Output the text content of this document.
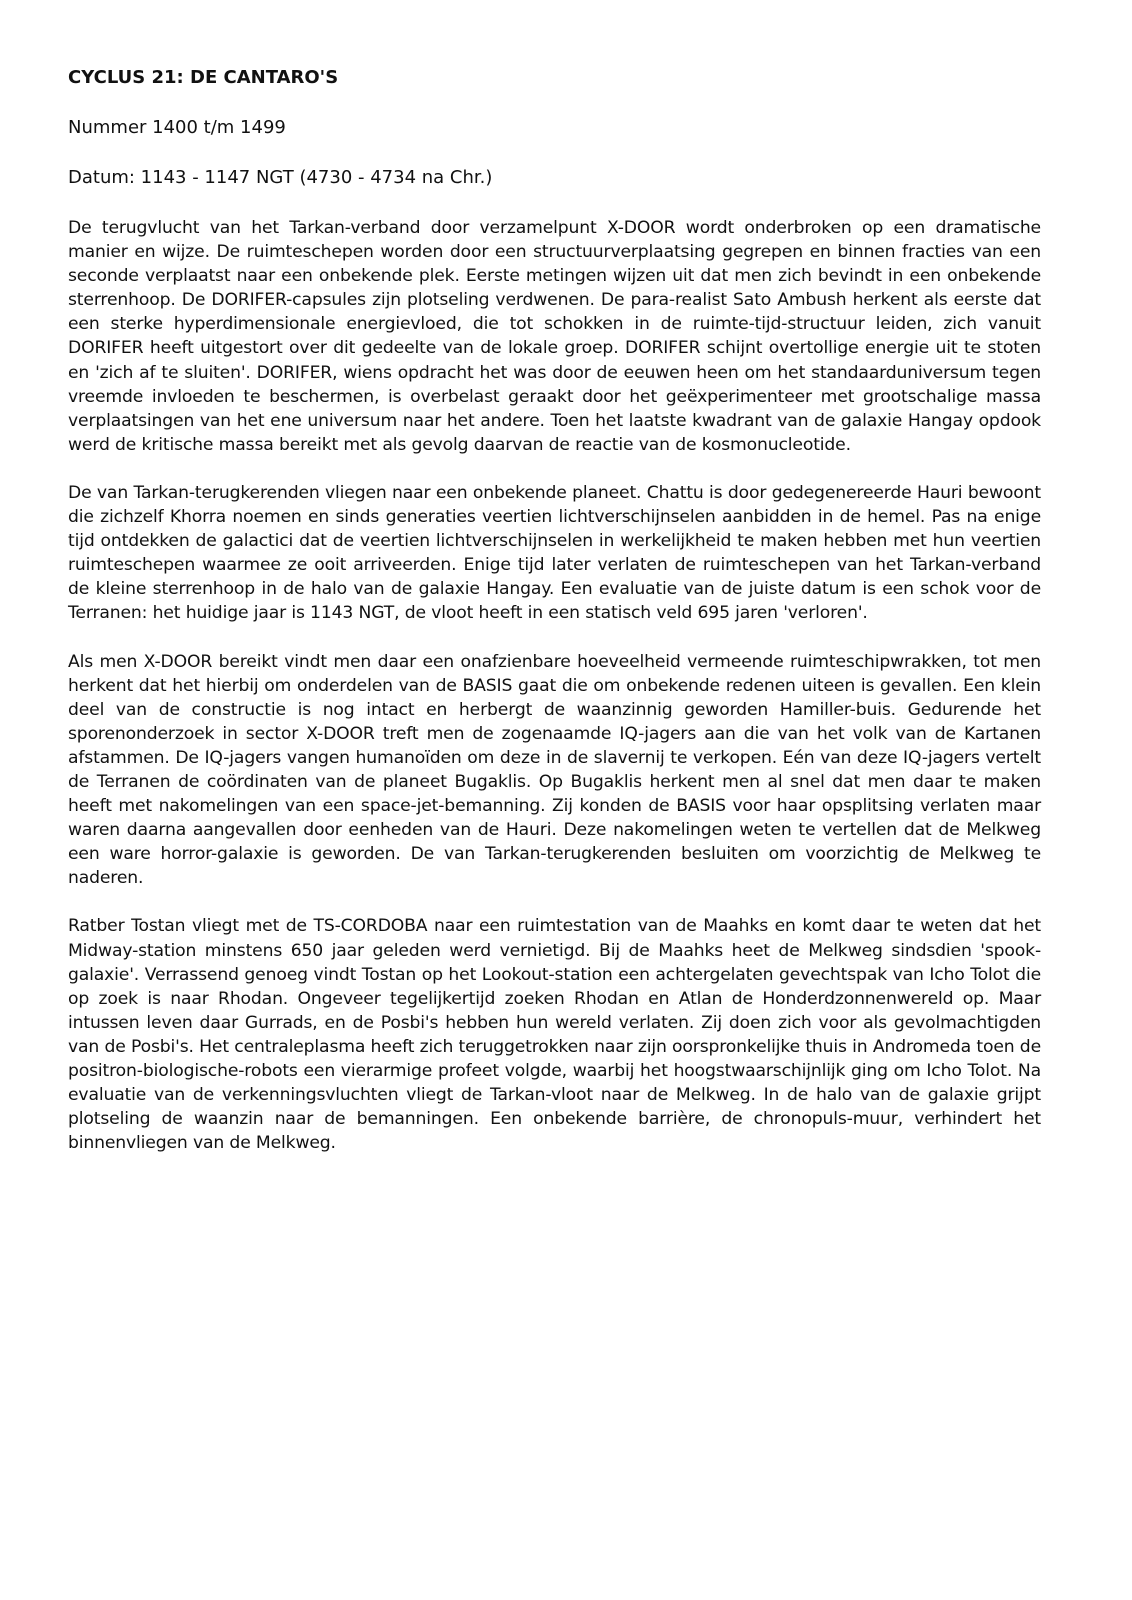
CYCLUS 21: DE CANTARO'S

Nummer 1400 t/m 1499

Datum: 1143 - 1147 NGT (4730 - 4734 na Chr.)

De terugvlucht van het Tarkan-verband door verzamelpunt X-DOOR wordt onderbroken op een dramatische manier en wijze. De ruimteschepen worden door een structuurverplaatsing gegrepen en binnen fracties van een seconde verplaatst naar een onbekende plek. Eerste metingen wijzen uit dat men zich bevindt in een onbekende sterrenhoop. De DORIFER-capsules zijn plotseling verdwenen. De para-realist Sato Ambush herkent als eerste dat een sterke hyperdimensionale energievloed, die tot schokken in de ruimte-tijd-structuur leiden, zich vanuit DORIFER heeft uitgestort over dit gedeelte van de lokale groep. DORIFER schijnt overtollige energie uit te stoten en 'zich af te sluiten'. DORIFER, wiens opdracht het was door de eeuwen heen om het standaarduniversum tegen vreemde invloeden te beschermen, is overbelast geraakt door het geëxperimenteer met grootschalige massa verplaatsingen van het ene universum naar het andere. Toen het laatste kwadrant van de galaxie Hangay opdook werd de kritische massa bereikt met als gevolg daarvan de reactie van de kosmonucleotide.

De van Tarkan-terugkerenden vliegen naar een onbekende planeet. Chattu is door gedegenereerde Hauri bewoont die zichzelf Khorra noemen en sinds generaties veertien lichtverschijnselen aanbidden in de hemel. Pas na enige tijd ontdekken de galactici dat de veertien lichtverschijnselen in werkelijkheid te maken hebben met hun veertien ruimteschepen waarmee ze ooit arriveerden. Enige tijd later verlaten de ruimteschepen van het Tarkan-verband de kleine sterrenhoop in de halo van de galaxie Hangay. Een evaluatie van de juiste datum is een schok voor de Terranen: het huidige jaar is 1143 NGT, de vloot heeft in een statisch veld 695 jaren 'verloren'.

Als men X-DOOR bereikt vindt men daar een onafzienbare hoeveelheid vermeende ruimteschipwrakken, tot men herkent dat het hierbij om onderdelen van de BASIS gaat die om onbekende redenen uiteen is gevallen. Een klein deel van de constructie is nog intact en herbergt de waanzinnig geworden Hamiller-buis. Gedurende het sporenonderzoek in sector X-DOOR treft men de zogenaamde IQ-jagers aan die van het volk van de Kartanen afstammen. De IQ-jagers vangen humanoïden om deze in de slavernij te verkopen. Eén van deze IQ-jagers vertelt de Terranen de coördinaten van de planeet Bugaklis. Op Bugaklis herkent men al snel dat men daar te maken heeft met nakomelingen van een space-jet-bemanning. Zij konden de BASIS voor haar opsplitsing verlaten maar waren daarna aangevallen door eenheden van de Hauri. Deze nakomelingen weten te vertellen dat de Melkweg een ware horror-galaxie is geworden. De van Tarkan-terugkerenden besluiten om voorzichtig de Melkweg te naderen.

Ratber Tostan vliegt met de TS-CORDOBA naar een ruimtestation van de Maahks en komt daar te weten dat het Midway-station minstens 650 jaar geleden werd vernietigd. Bij de Maahks heet de Melkweg sindsdien 'spook-galaxie'. Verrassend genoeg vindt Tostan op het Lookout-station een achtergelaten gevechtspak van Icho Tolot die op zoek is naar Rhodan. Ongeveer tegelijkertijd zoeken Rhodan en Atlan de Honderdzonnenwereld op. Maar intussen leven daar Gurrads, en de Posbi's hebben hun wereld verlaten. Zij doen zich voor als gevolmachtigden van de Posbi's. Het centraleplasma heeft zich teruggetrokken naar zijn oorspronkelijke thuis in Andromeda toen de positron-biologische-robots een vierarmige profeet volgde, waarbij het hoogstwaarschijnlijk ging om Icho Tolot. Na evaluatie van de verkenningsvluchten vliegt de Tarkan-vloot naar de Melkweg. In de halo van de galaxie grijpt plotseling de waanzin naar de bemanningen. Een onbekende barrière, de chronopuls-muur, verhindert het binnenvliegen van de Melkweg.
